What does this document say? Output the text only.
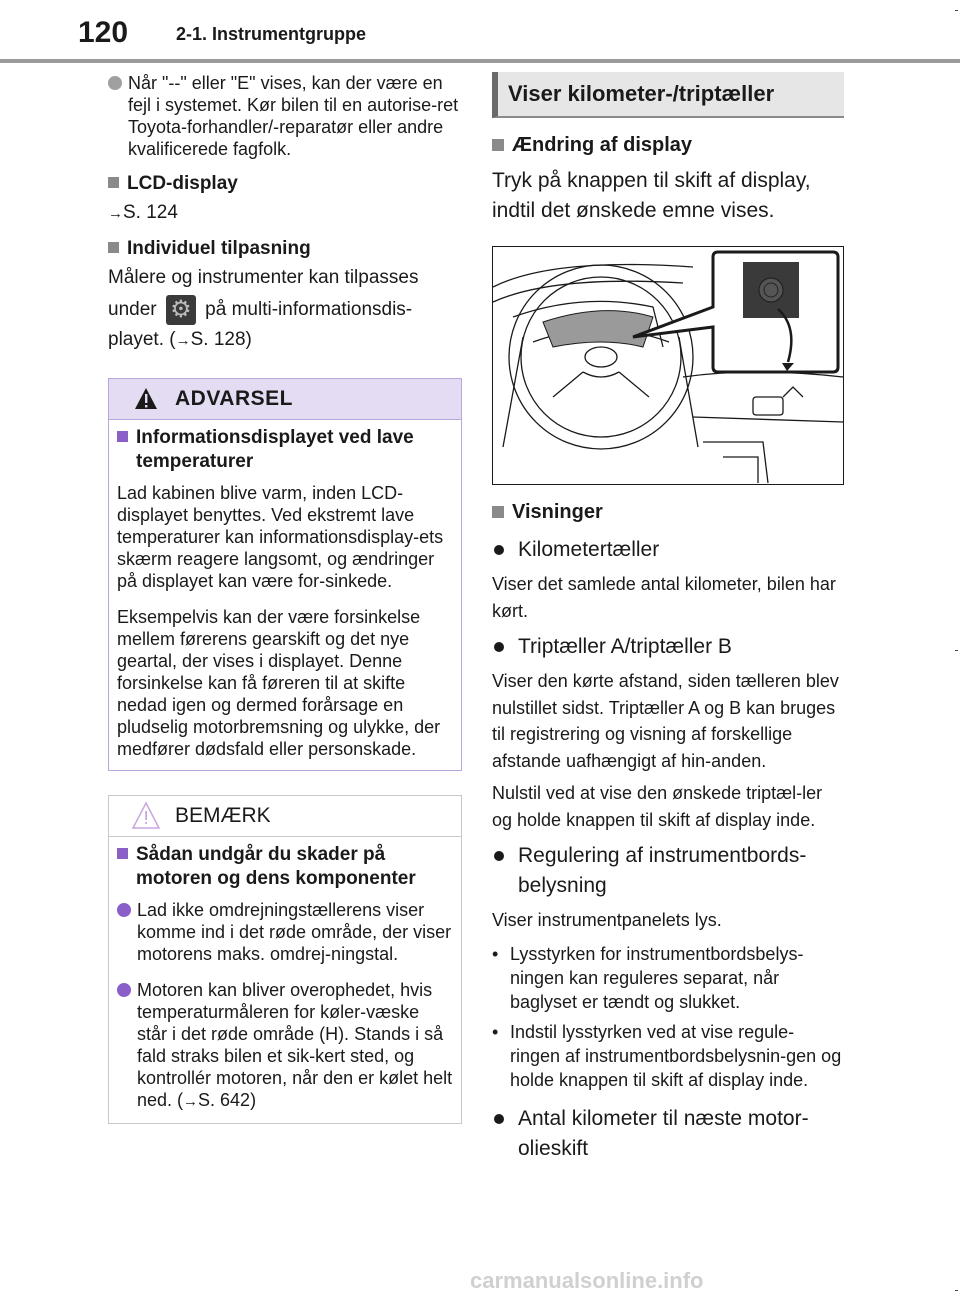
120	2-1. Instrumentgruppe
Når "--" eller "E" vises, kan der være en fejl i systemet. Kør bilen til en autorise-ret Toyota-forhandler/-reparatør eller andre kvalificerede fagfolk.
LCD-display
→S. 124
Individuel tilpasning
Målere og instrumenter kan tilpasses
under ⚙ på multi-informationsdis-
playet. (→S. 128)
ADVARSEL
Informationsdisplayet ved lave temperaturer
Lad kabinen blive varm, inden LCD-displayet benyttes. Ved ekstremt lave temperaturer kan informationsdisplay-ets skærm reagere langsomt, og ændringer på displayet kan være for-sinkede.
Eksempelvis kan der være forsinkelse mellem førerens gearskift og det nye geartal, der vises i displayet. Denne forsinkelse kan få føreren til at skifte nedad igen og dermed forårsage en pludselig motorbremsning og ulykke, der medfører dødsfald eller personskade.
BEMÆRK
Sådan undgår du skader på motoren og dens komponenter
Lad ikke omdrejningstællerens viser komme ind i det røde område, der viser motorens maks. omdrej-ningstal.
Motoren kan bliver overophedet, hvis temperaturmåleren for køler-væske står i det røde område (H). Stands i så fald straks bilen et sik-kert sted, og kontrollér motoren, når den er kølet helt ned. (→S. 642)
Viser kilometer-/triptæller
Ændring af display
Tryk på knappen til skift af display, indtil det ønskede emne vises.
Visninger
Kilometertæller
Viser det samlede antal kilometer, bilen har kørt.
Triptæller A/triptæller B
Viser den kørte afstand, siden tælleren blev nulstillet sidst. Triptæller A og B kan bruges til registrering og visning af forskellige afstande uafhængigt af hin-anden.
Nulstil ved at vise den ønskede triptæl-ler og holde knappen til skift af display inde.
Regulering af instrumentbords-belysning
Viser instrumentpanelets lys.
• Lysstyrken for instrumentbordsbelys-ningen kan reguleres separat, når baglyset er tændt og slukket.
• Indstil lysstyrken ved at vise regule-ringen af instrumentbordsbelysnin-gen og holde knappen til skift af display inde.
Antal kilometer til næste motor-olieskift
carmanualsonline.info
